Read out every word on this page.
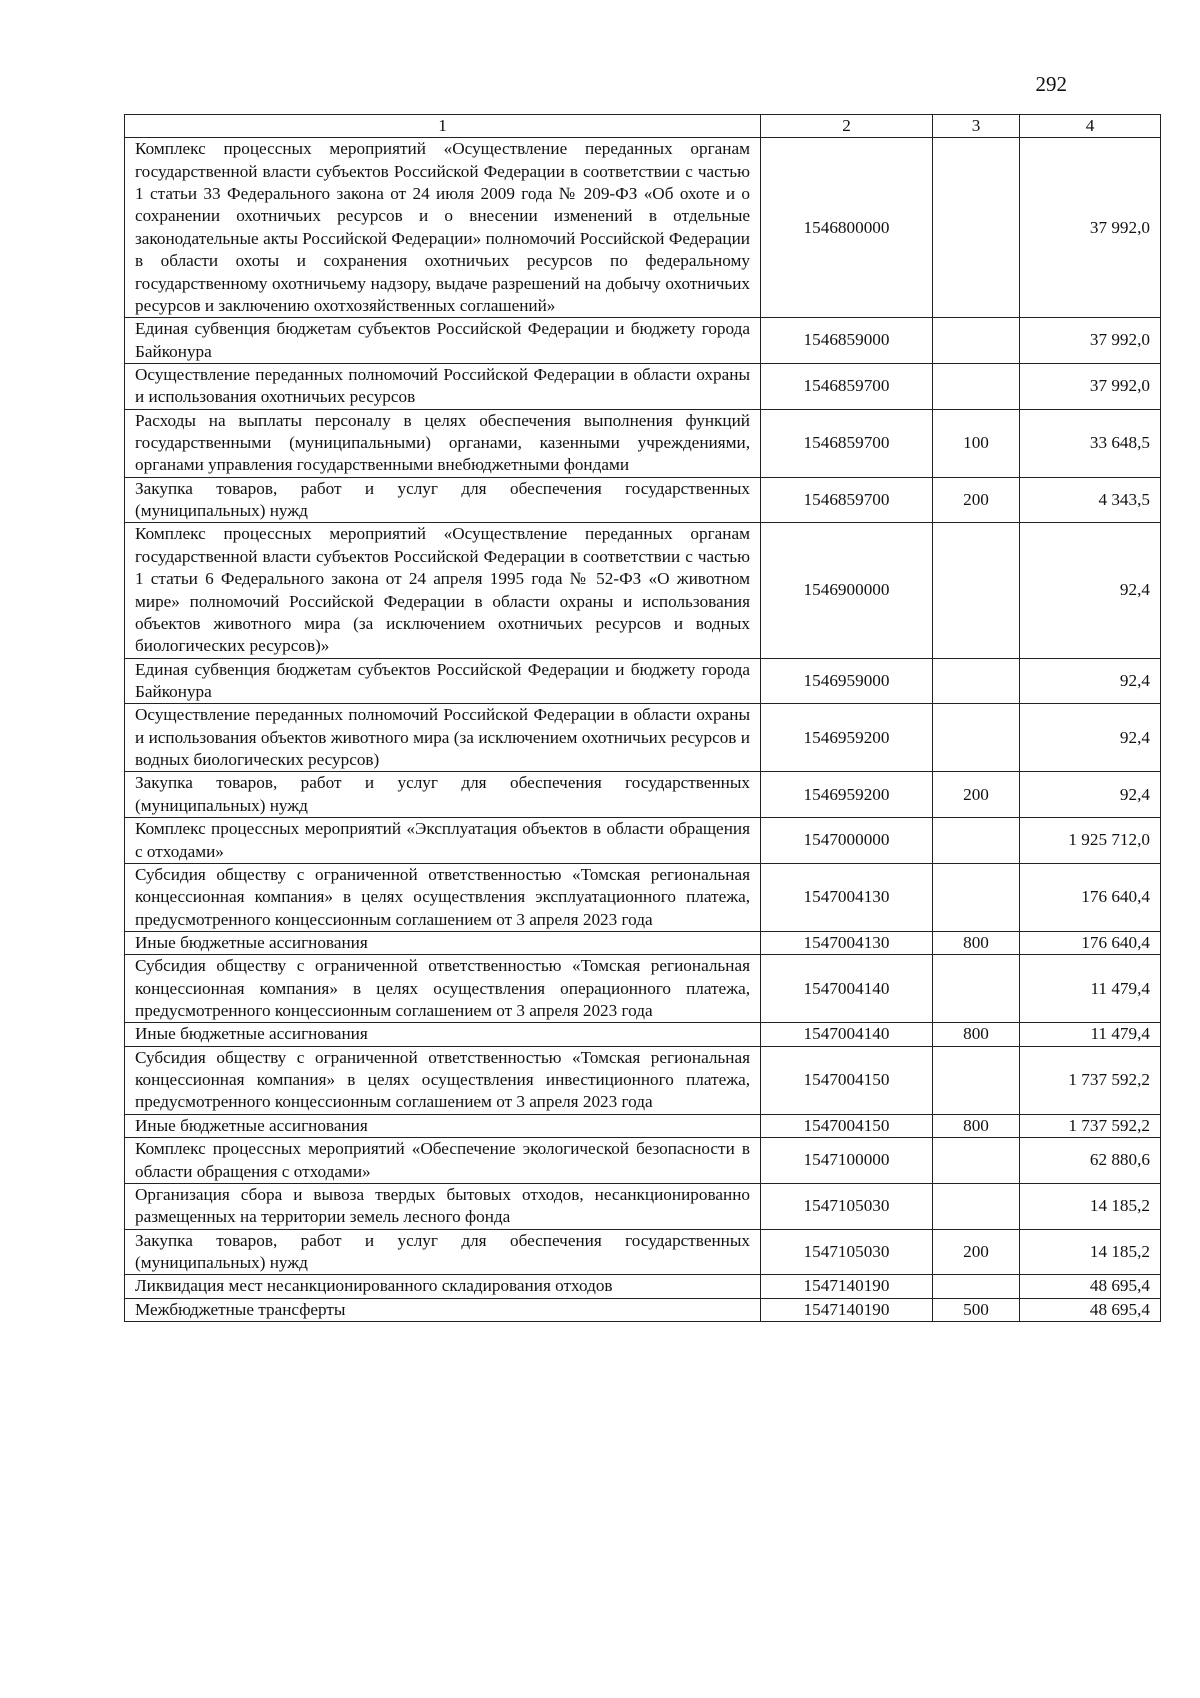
292
1	2	3	4
Комплекс процессных мероприятий «Осуществление переданных органам государственной власти субъектов Российской Федерации в соответствии с частью 1 статьи 33 Федерального закона от 24 июля 2009 года № 209-ФЗ «Об охоте и о сохранении охотничьих ресурсов и о внесении изменений в отдельные законодательные акты Российской Федерации» полномочий Российской Федерации в области охоты и сохранения охотничьих ресурсов по федеральному государственному охотничьему надзору, выдаче разрешений на добычу охотничьих ресурсов и заключению охотхозяйственных соглашений»	1546800000		37 992,0
Единая субвенция бюджетам субъектов Российской Федерации и бюджету города Байконура	1546859000		37 992,0
Осуществление переданных полномочий Российской Федерации в области охраны и использования охотничьих ресурсов	1546859700		37 992,0
Расходы на выплаты персоналу в целях обеспечения выполнения функций государственными (муниципальными) органами, казенными учреждениями, органами управления государственными внебюджетными фондами	1546859700	100	33 648,5
Закупка товаров, работ и услуг для обеспечения государственных (муниципальных) нужд	1546859700	200	4 343,5
Комплекс процессных мероприятий «Осуществление переданных органам государственной власти субъектов Российской Федерации в соответствии с частью 1 статьи 6 Федерального закона от 24 апреля 1995 года № 52-ФЗ «О животном мире» полномочий Российской Федерации в области охраны и использования объектов животного мира (за исключением охотничьих ресурсов и водных биологических ресурсов)»	1546900000		92,4
Единая субвенция бюджетам субъектов Российской Федерации и бюджету города Байконура	1546959000		92,4
Осуществление переданных полномочий Российской Федерации в области охраны и использования объектов животного мира (за исключением охотничьих ресурсов и водных биологических ресурсов)	1546959200		92,4
Закупка товаров, работ и услуг для обеспечения государственных (муниципальных) нужд	1546959200	200	92,4
Комплекс процессных мероприятий «Эксплуатация объектов в области обращения с отходами»	1547000000		1 925 712,0
Субсидия обществу с ограниченной ответственностью «Томская региональная концессионная компания» в целях осуществления эксплуатационного платежа, предусмотренного концессионным соглашением от 3 апреля 2023 года	1547004130		176 640,4
Иные бюджетные ассигнования	1547004130	800	176 640,4
Субсидия обществу с ограниченной ответственностью «Томская региональная концессионная компания» в целях осуществления операционного платежа, предусмотренного концессионным соглашением от 3 апреля 2023 года	1547004140		11 479,4
Иные бюджетные ассигнования	1547004140	800	11 479,4
Субсидия обществу с ограниченной ответственностью «Томская региональная концессионная компания» в целях осуществления инвестиционного платежа, предусмотренного концессионным соглашением от 3 апреля 2023 года	1547004150		1 737 592,2
Иные бюджетные ассигнования	1547004150	800	1 737 592,2
Комплекс процессных мероприятий «Обеспечение экологической безопасности в области обращения с отходами»	1547100000		62 880,6
Организация сбора и вывоза твердых бытовых отходов, несанкционированно размещенных на территории земель лесного фонда	1547105030		14 185,2
Закупка товаров, работ и услуг для обеспечения государственных (муниципальных) нужд	1547105030	200	14 185,2
Ликвидация мест несанкционированного складирования отходов	1547140190		48 695,4
Межбюджетные трансферты	1547140190	500	48 695,4
